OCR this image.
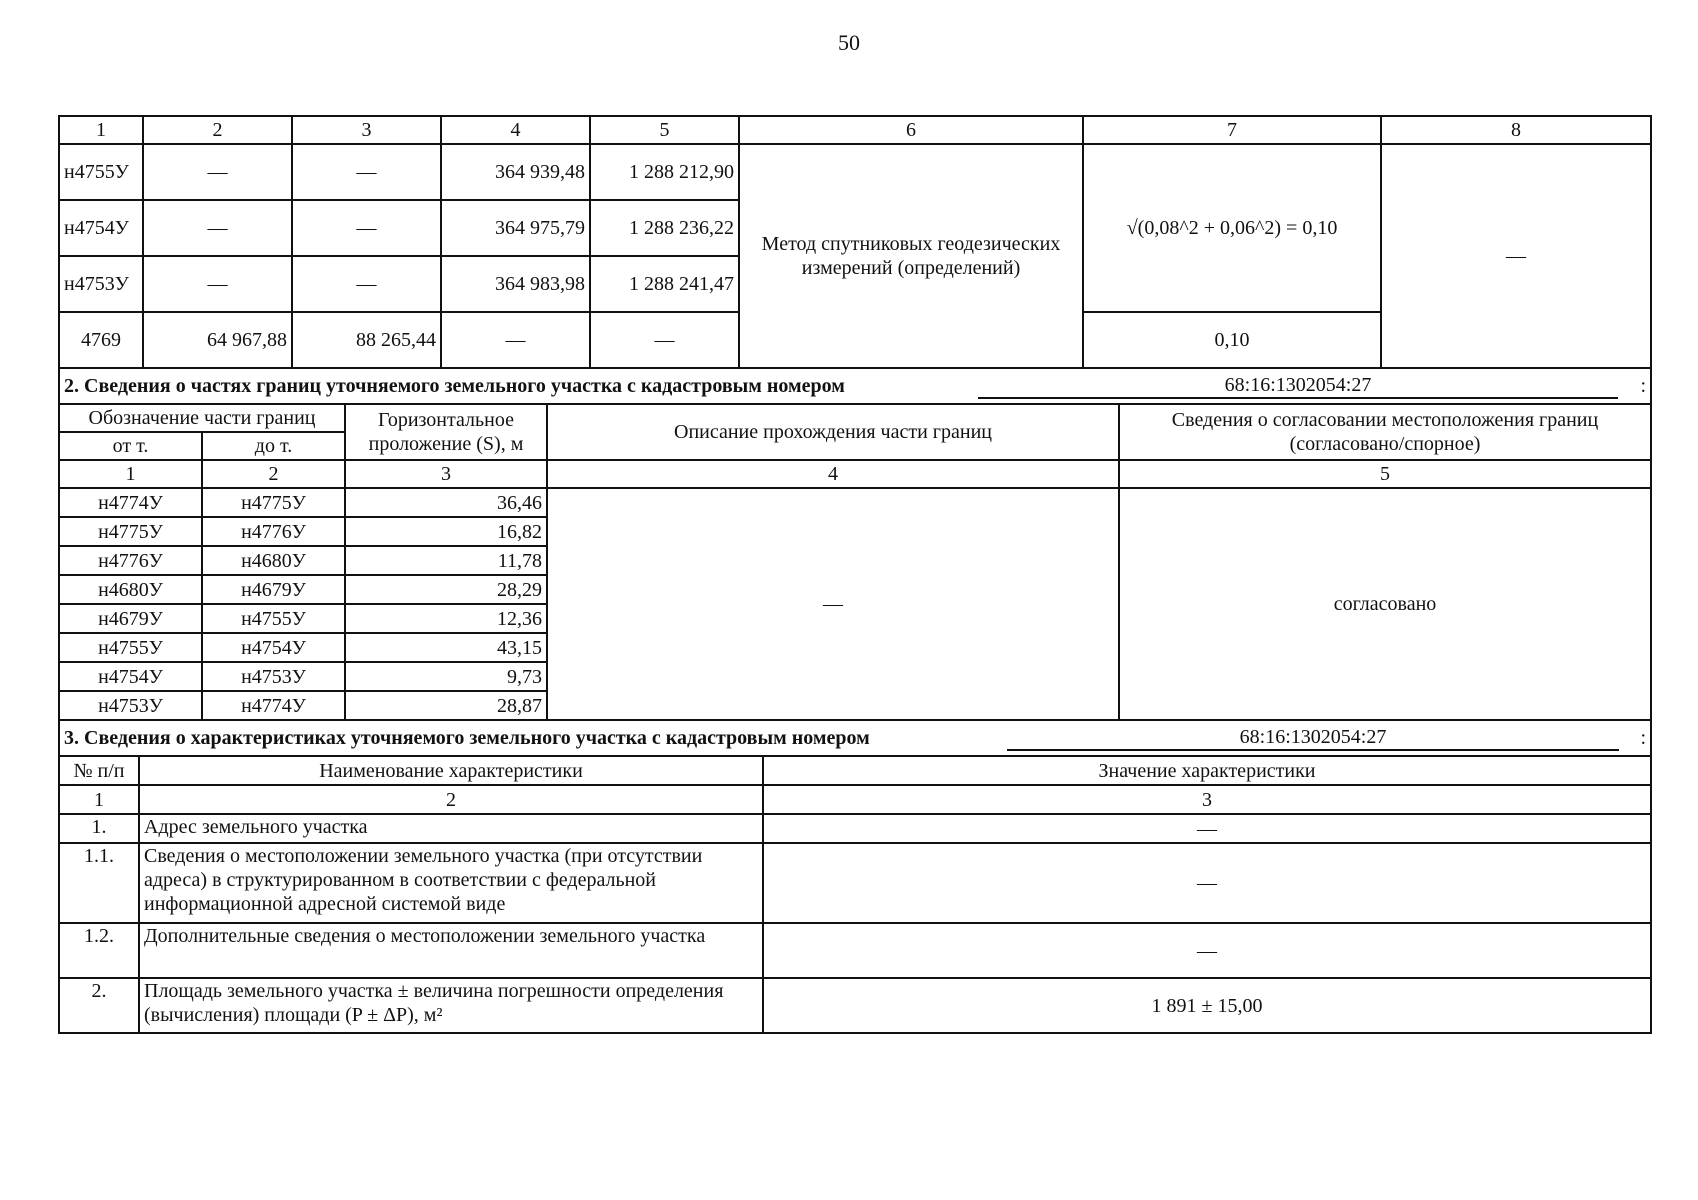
50
1	2	3	4	5	6	7	8
н4755У	—	—	364 939,48	1 288 212,90	Метод спутниковых геодезических измерений (определений)	√(0,08^2 + 0,06^2) = 0,10	—
н4754У	—	—	364 975,79	1 288 236,22			
н4753У	—	—	364 983,98	1 288 241,47			
4769	64 967,88	88 265,44	—	—		0,10	
2. Сведения о частях границ уточняемого земельного участка с кадастровым номером	68:16:1302054:27	:
Обозначение части границ		Горизонтальное проложение (S), м	Описание прохождения части границ	Сведения о согласовании местоположения границ (согласовано/спорное)
от т.	до т.			
1	2	3	4	5
н4774У	н4775У	36,46	—	согласовано
н4775У	н4776У	16,82		
н4776У	н4680У	11,78		
н4680У	н4679У	28,29		
н4679У	н4755У	12,36		
н4755У	н4754У	43,15		
н4754У	н4753У	9,73		
н4753У	н4774У	28,87		
3. Сведения о характеристиках уточняемого земельного участка с кадастровым номером	68:16:1302054:27	:
№ п/п	Наименование характеристики	Значение характеристики
1	2	3
1.	Адрес земельного участка	—
1.1.	Сведения о местоположении земельного участка (при отсутствии адреса) в структурированном в соответствии с федеральной информационной адресной системой виде	—
1.2.	Дополнительные сведения о местоположении земельного участка	—
2.	Площадь земельного участка ± величина погрешности определения (вычисления) площади (P ± ΔP), м²	1 891 ± 15,00
